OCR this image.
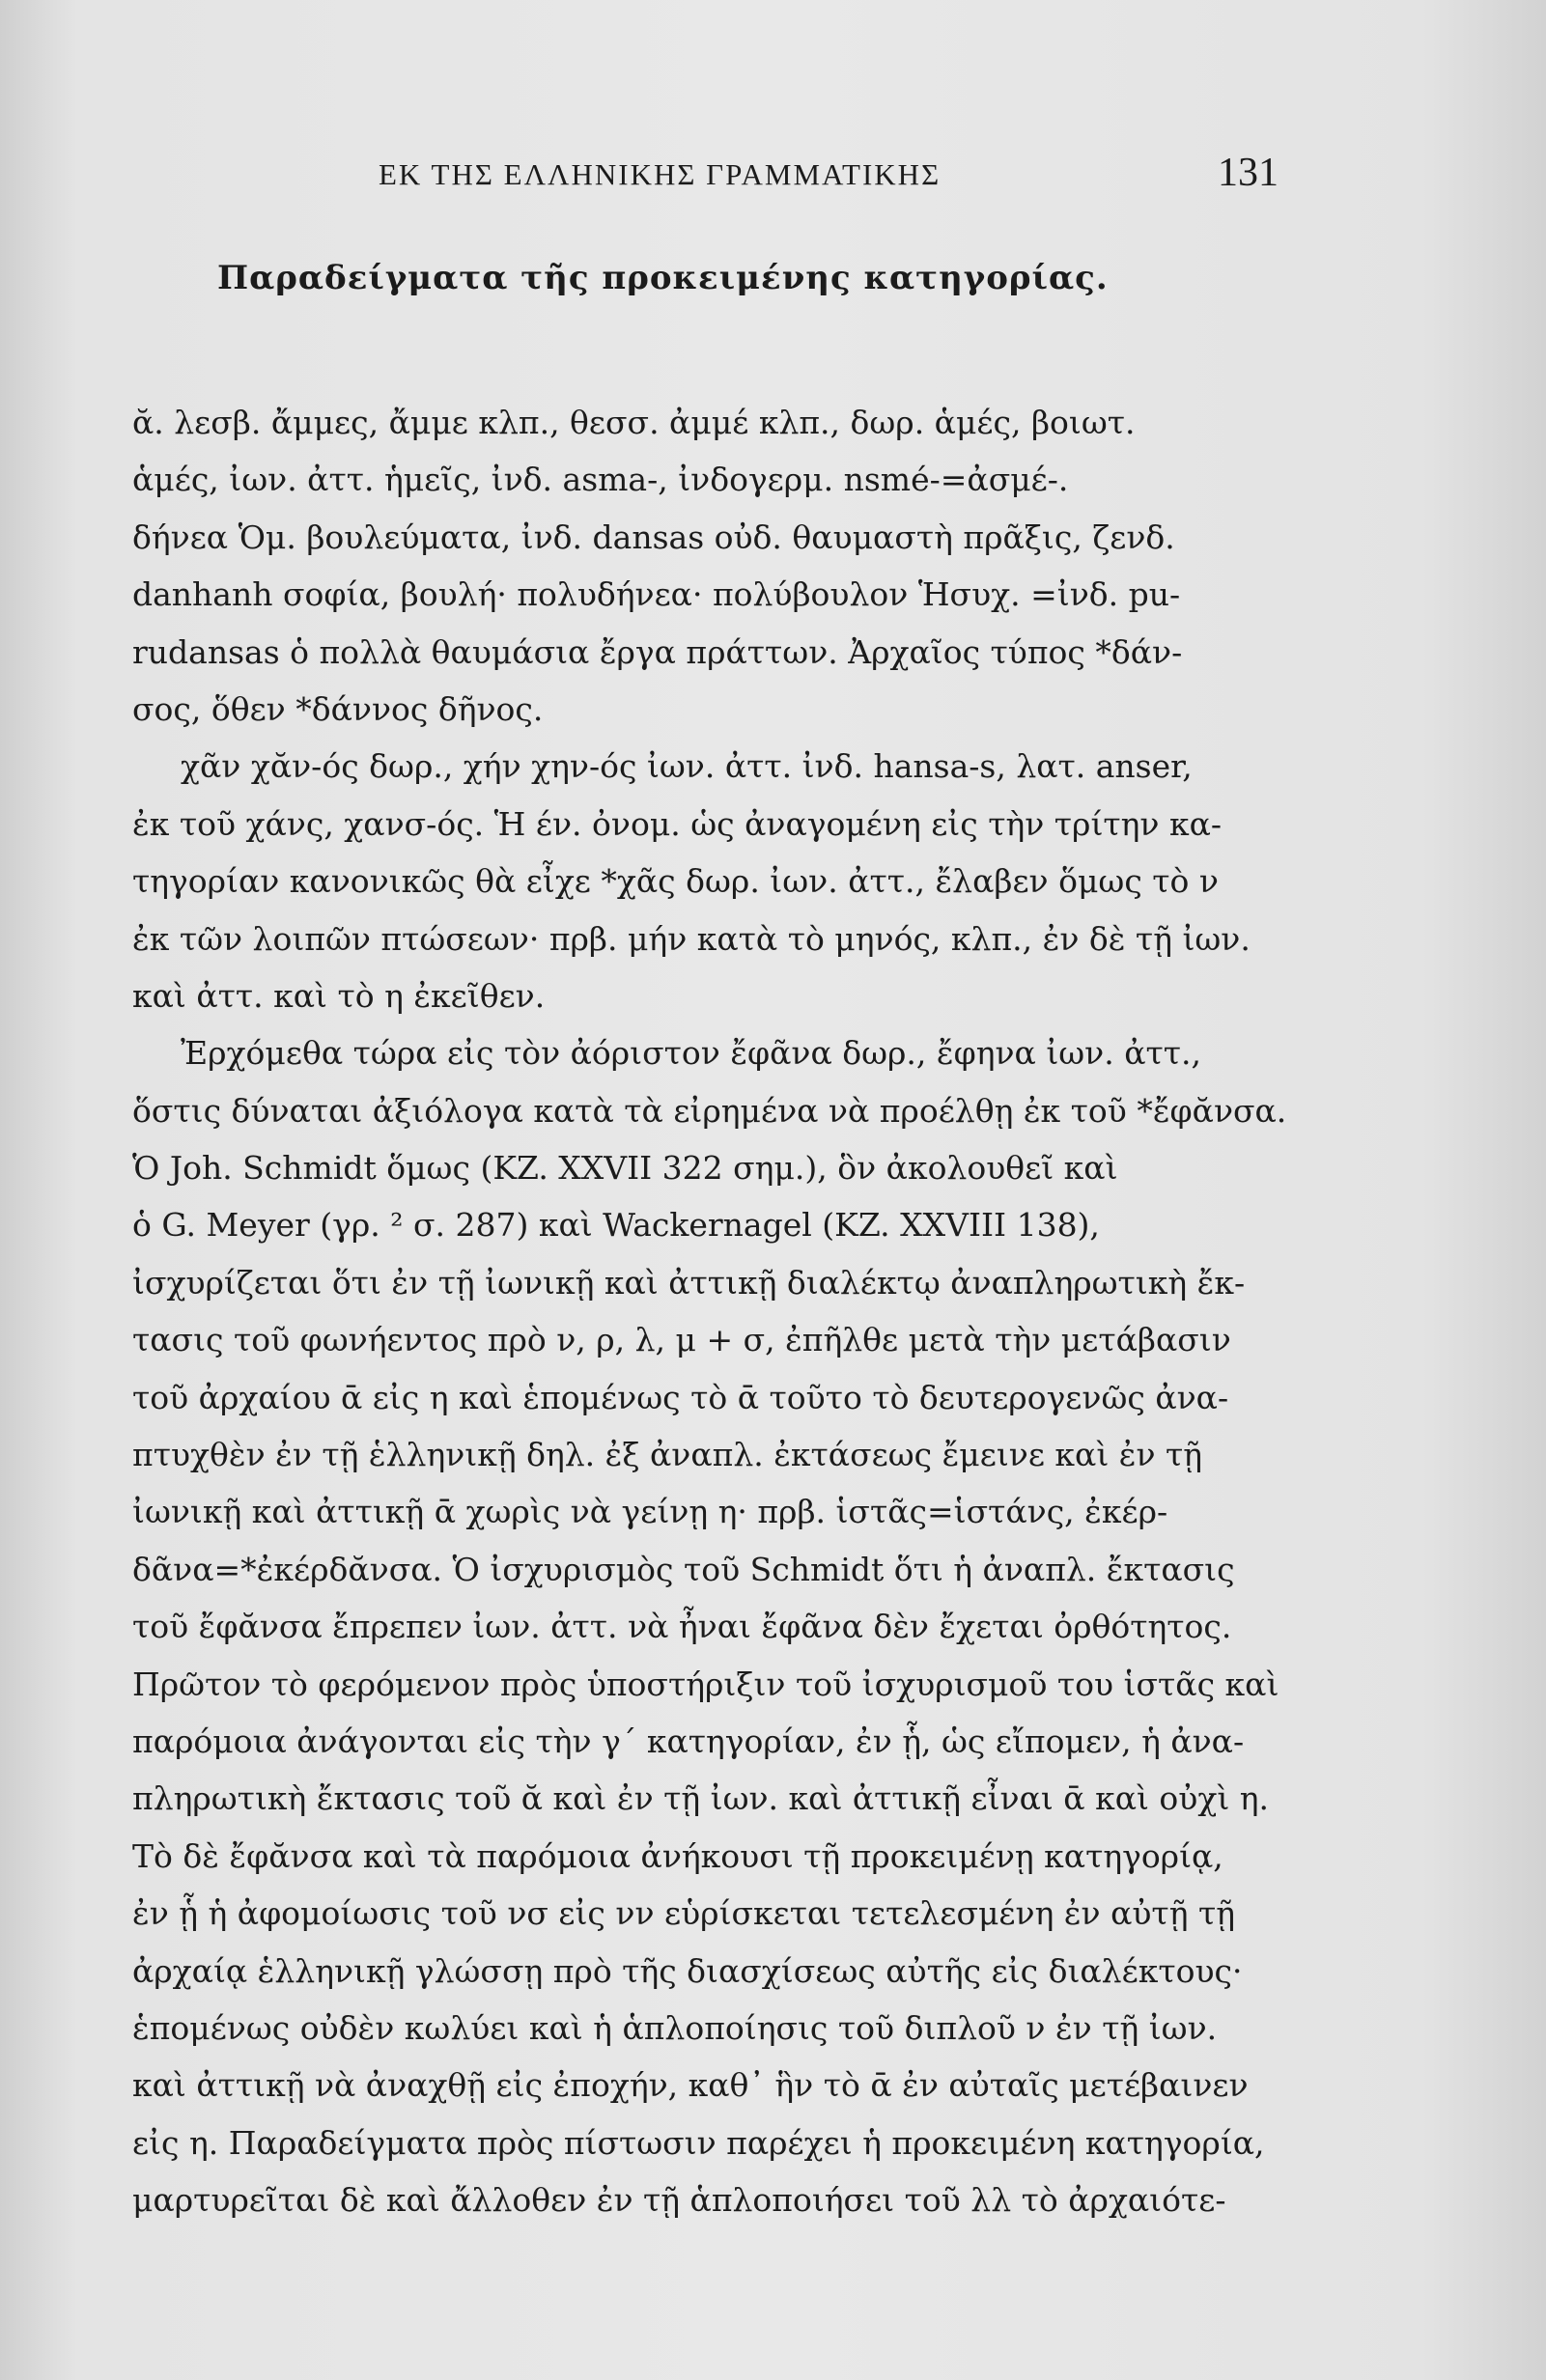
ΕΚ ΤΗΣ ΕΛΛΗΝΙΚΗΣ ΓΡΑΜΜΑΤΙΚΗΣ	131
Παραδείγματα τῆς προκειμένης κατηγορίας.
ᾰ. λεσβ. ἄμμες, ἄμμε κλπ., θεσσ. ἀμμέ κλπ., δωρ. ἁμές, βοιωτ.
ἁμές, ἰων. ἀττ. ἡμεῖς, ἰνδ. asma-, ἰνδογερμ. nsmé-=ἀσμέ-.
δήνεα Ὁμ. βουλεύματα, ἰνδ. dansas οὐδ. θαυμαστὴ πρᾶξις, ζενδ.
danhanh σοφία, βουλή· πολυδήνεα· πολύβουλον Ἡσυχ. =ἰνδ. pu-
rudansas ὁ πολλὰ θαυμάσια ἔργα πράττων. Ἀρχαῖος τύπος *δάν-
σος, ὅθεν *δάννος δῆνος.
χᾶν χᾰν-ός δωρ., χήν χην-ός ἰων. ἀττ. ἰνδ. hansa-s, λατ. anser,
ἐκ τοῦ χάνς, χανσ-ός. Ἡ έν. ὀνομ. ὡς ἀναγομένη εἰς τὴν τρίτην κα-
τηγορίαν κανονικῶς θὰ εἶχε *χᾶς δωρ. ἰων. ἀττ., ἔλαβεν ὅμως τὸ ν
ἐκ τῶν λοιπῶν πτώσεων· πρβ. μήν κατὰ τὸ μηνός, κλπ., ἐν δὲ τῇ ἰων.
καὶ ἀττ. καὶ τὸ η ἐκεῖθεν.
Ἐρχόμεθα τώρα εἰς τὸν ἀόριστον ἔφᾶνα δωρ., ἔφηνα ἰων. ἀττ.,
ὅστις δύναται ἀξιόλογα κατὰ τὰ εἰρημένα νὰ προέλθῃ ἐκ τοῦ *ἔφᾰνσα.
Ὁ Joh. Schmidt ὅμως (KZ. XXVII 322 σημ.), ὃν ἀκολουθεῖ καὶ
ὁ G. Meyer (γρ. ² σ. 287) καὶ Wackernagel (KZ. XXVIII 138),
ἰσχυρίζεται ὅτι ἐν τῇ ἰωνικῇ καὶ ἀττικῇ διαλέκτῳ ἀναπληρωτικὴ ἔκ-
τασις τοῦ φωνήεντος πρὸ ν, ρ, λ, μ + σ, ἐπῆλθε μετὰ τὴν μετάβασιν
τοῦ ἀρχαίου ᾱ εἰς η καὶ ἑπομένως τὸ ᾱ τοῦτο τὸ δευτερογενῶς ἀνα-
πτυχθὲν ἐν τῇ ἑλληνικῇ δηλ. ἐξ ἀναπλ. ἐκτάσεως ἔμεινε καὶ ἐν τῇ
ἰωνικῇ καὶ ἀττικῇ ᾱ χωρὶς νὰ γείνῃ η· πρβ. ἱστᾶς=ἱστάνς, ἐκέρ-
δᾶνα=*ἐκέρδᾰνσα. Ὁ ἰσχυρισμὸς τοῦ Schmidt ὅτι ἡ ἀναπλ. ἔκτασις
τοῦ ἔφᾰνσα ἔπρεπεν ἰων. ἀττ. νὰ ἦναι ἔφᾶνα δὲν ἔχεται ὀρθότητος.
Πρῶτον τὸ φερόμενον πρὸς ὑποστήριξιν τοῦ ἰσχυρισμοῦ του ἱστᾶς καὶ
παρόμοια ἀνάγονται εἰς τὴν γ´ κατηγορίαν, ἐν ᾗ, ὡς εἴπομεν, ἡ ἀνα-
πληρωτικὴ ἔκτασις τοῦ ᾰ καὶ ἐν τῇ ἰων. καὶ ἀττικῇ εἶναι ᾱ καὶ οὐχὶ η.
Τὸ δὲ ἔφᾰνσα καὶ τὰ παρόμοια ἀνήκουσι τῇ προκειμένῃ κατηγορίᾳ,
ἐν ᾗ ἡ ἀφομοίωσις τοῦ νσ εἰς νν εὑρίσκεται τετελεσμένη ἐν αὐτῇ τῇ
ἀρχαίᾳ ἑλληνικῇ γλώσσῃ πρὸ τῆς διασχίσεως αὐτῆς εἰς διαλέκτους·
ἑπομένως οὐδὲν κωλύει καὶ ἡ ἁπλοποίησις τοῦ διπλοῦ ν ἐν τῇ ἰων.
καὶ ἀττικῇ νὰ ἀναχθῇ εἰς ἐποχήν, καθ᾽ ἣν τὸ ᾱ ἐν αὐταῖς μετέβαινεν
εἰς η. Παραδείγματα πρὸς πίστωσιν παρέχει ἡ προκειμένη κατηγορία,
μαρτυρεῖται δὲ καὶ ἄλλοθεν ἐν τῇ ἁπλοποιήσει τοῦ λλ τὸ ἀρχαιότε-
